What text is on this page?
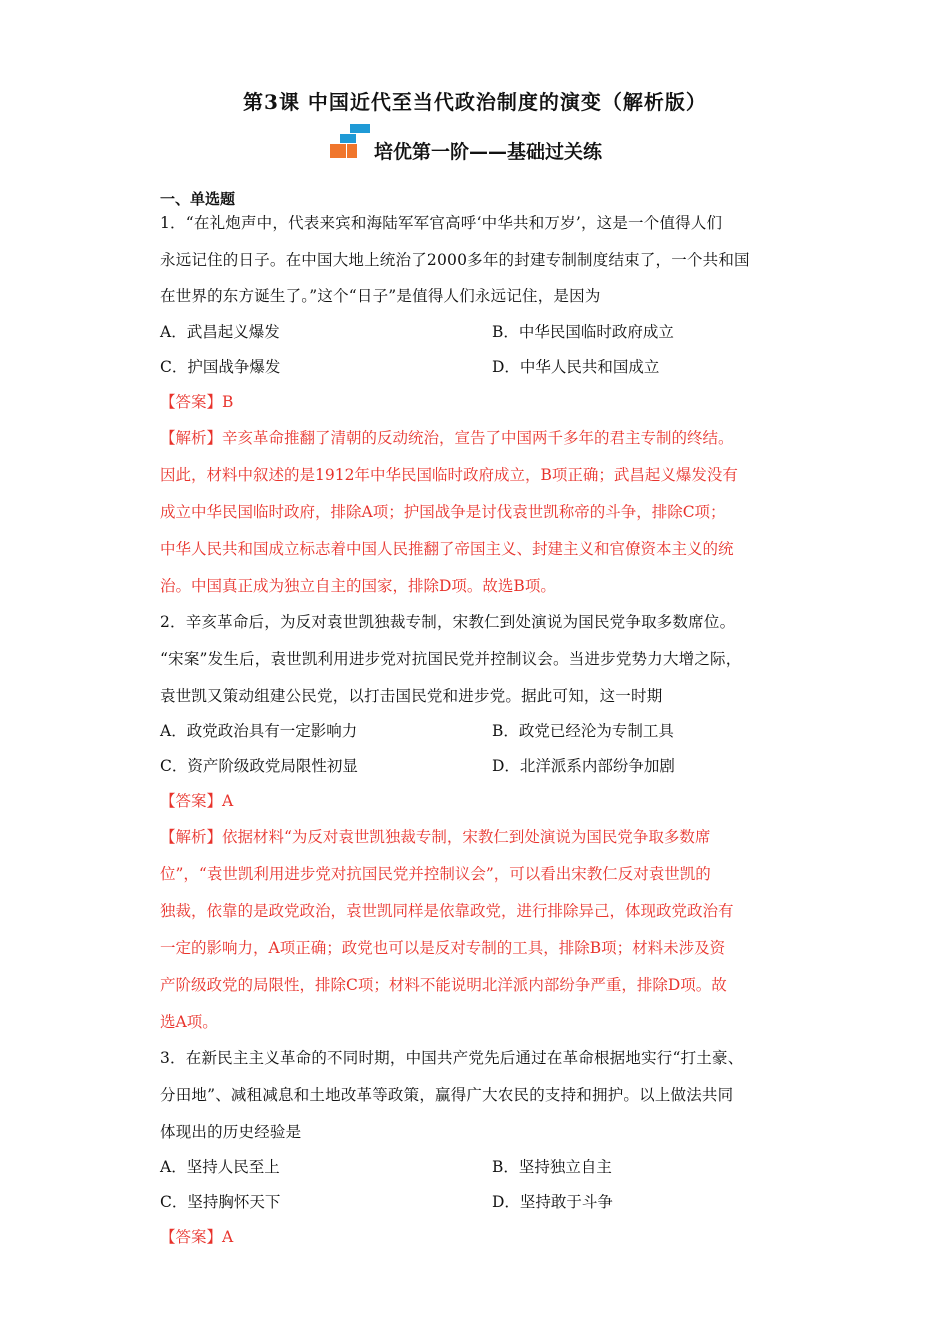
第3课 中国近代至当代政治制度的演变（解析版）
培优第一阶——基础过关练
一、单选题
1．“在礼炮声中，代表来宾和海陆军军官高呼‘中华共和万岁’，这是一个值得人们
永远记住的日子。在中国大地上统治了2000多年的封建专制制度结束了，一个共和国
在世界的东方诞生了。”这个“日子”是值得人们永远记住，是因为
A．武昌起义爆发	B．中华民国临时政府成立
C．护国战争爆发	D．中华人民共和国成立
【答案】B
【解析】辛亥革命推翻了清朝的反动统治，宣告了中国两千多年的君主专制的终结。
因此，材料中叙述的是1912年中华民国临时政府成立，B项正确；武昌起义爆发没有
成立中华民国临时政府，排除A项；护国战争是讨伐袁世凯称帝的斗争，排除C项；
中华人民共和国成立标志着中国人民推翻了帝国主义、封建主义和官僚资本主义的统
治。中国真正成为独立自主的国家，排除D项。故选B项。
2．辛亥革命后，为反对袁世凯独裁专制，宋教仁到处演说为国民党争取多数席位。
“宋案”发生后，袁世凯利用进步党对抗国民党并控制议会。当进步党势力大增之际，
袁世凯又策动组建公民党，以打击国民党和进步党。据此可知，这一时期
A．政党政治具有一定影响力	B．政党已经沦为专制工具
C．资产阶级政党局限性初显	D．北洋派系内部纷争加剧
【答案】A
【解析】依据材料“为反对袁世凯独裁专制，宋教仁到处演说为国民党争取多数席
位”，“袁世凯利用进步党对抗国民党并控制议会”，可以看出宋教仁反对袁世凯的
独裁，依靠的是政党政治，袁世凯同样是依靠政党，进行排除异己，体现政党政治有
一定的影响力，A项正确；政党也可以是反对专制的工具，排除B项；材料未涉及资
产阶级政党的局限性，排除C项；材料不能说明北洋派内部纷争严重，排除D项。故
选A项。
3．在新民主主义革命的不同时期，中国共产党先后通过在革命根据地实行“打土豪、
分田地”、减租减息和土地改革等政策，赢得广大农民的支持和拥护。以上做法共同
体现出的历史经验是
A．坚持人民至上	B．坚持独立自主
C．坚持胸怀天下	D．坚持敢于斗争
【答案】A
